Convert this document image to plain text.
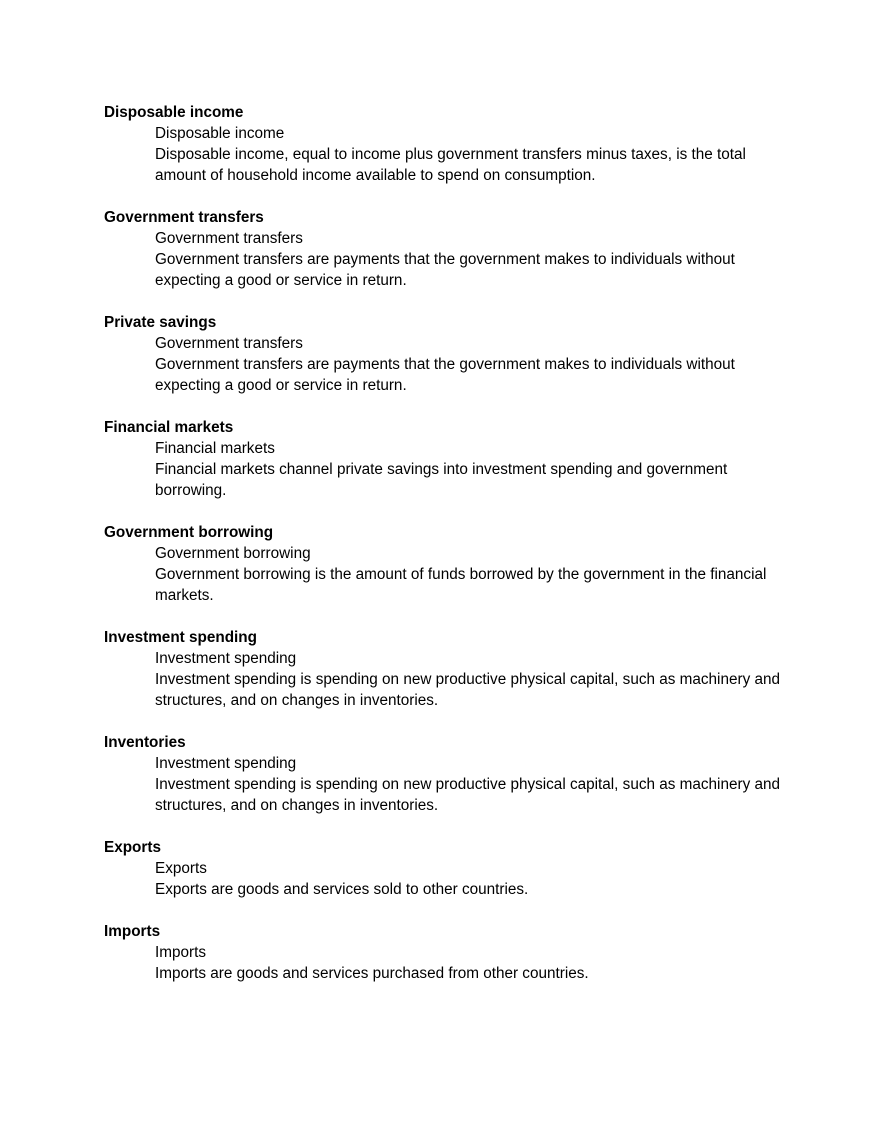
Disposable income
Disposable income
Disposable income, equal to income plus government transfers minus taxes, is the total amount of household income available to spend on consumption.
Government transfers
Government transfers
Government transfers are payments that the government makes to individuals without expecting a good or service in return.
Private savings
Government transfers
Government transfers are payments that the government makes to individuals without expecting a good or service in return.
Financial markets
Financial markets
Financial markets channel private savings into investment spending and government borrowing.
Government borrowing
Government borrowing
Government borrowing is the amount of funds borrowed by the government in the financial markets.
Investment spending
Investment spending
Investment spending is spending on new productive physical capital, such as machinery and structures, and on changes in inventories.
Inventories
Investment spending
Investment spending is spending on new productive physical capital, such as machinery and structures, and on changes in inventories.
Exports
Exports
Exports are goods and services sold to other countries.
Imports
Imports
Imports are goods and services purchased from other countries.
